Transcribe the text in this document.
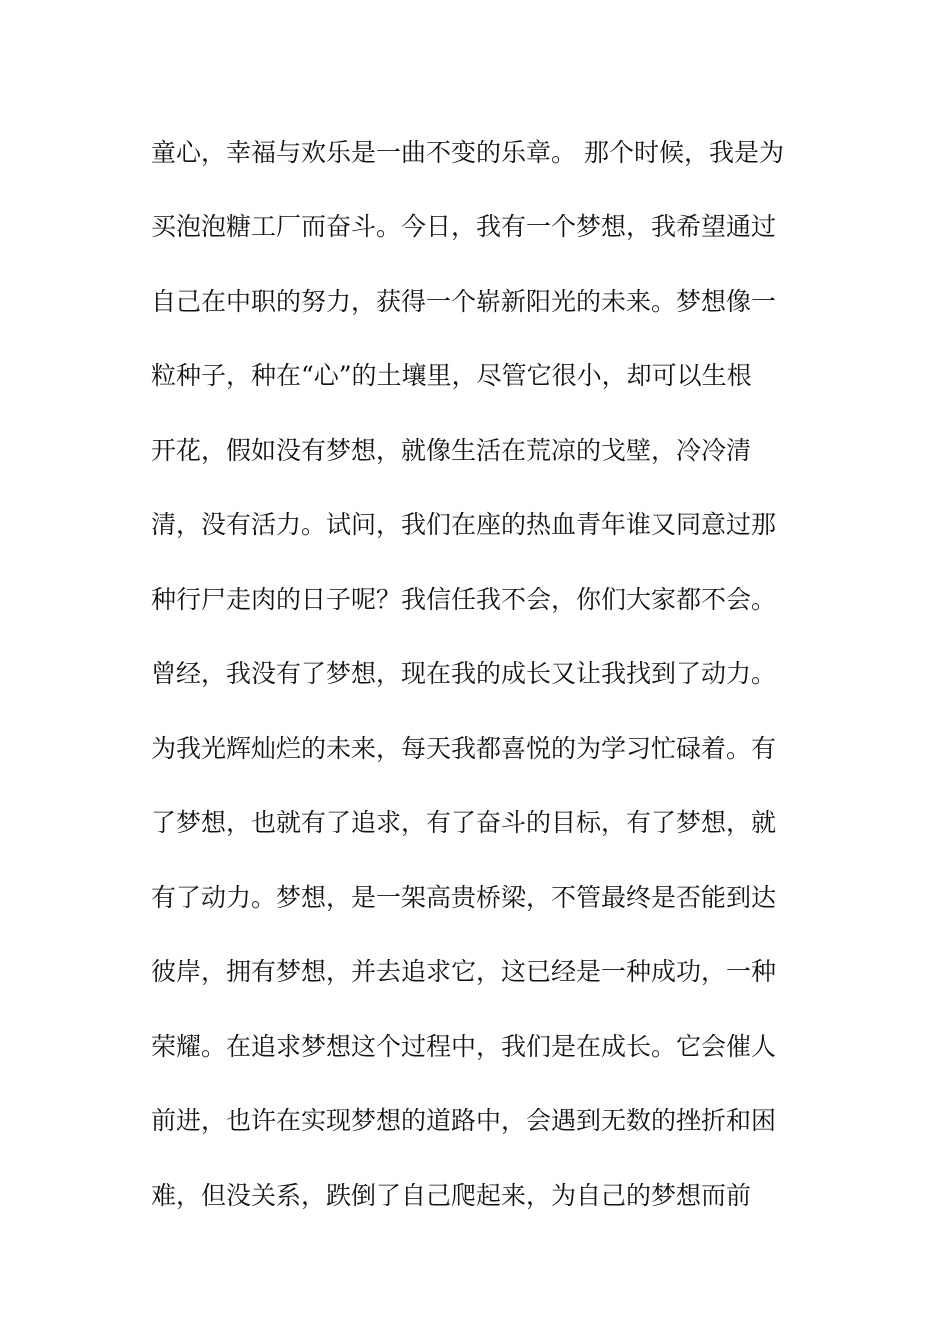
童心，幸福与欢乐是一曲不变的乐章。 那个时候，我是为
买泡泡糖工厂而奋斗。今日，我有一个梦想，我希望通过
自己在中职的努力，获得一个崭新阳光的未来。梦想像一
粒种子，种在“心”的土壤里，尽管它很小，却可以生根
开花，假如没有梦想，就像生活在荒凉的戈壁，冷冷清
清，没有活力。试问，我们在座的热血青年谁又同意过那
种行尸走肉的日子呢？我信任我不会，你们大家都不会。
曾经，我没有了梦想，现在我的成长又让我找到了动力。
为我光辉灿烂的未来，每天我都喜悦的为学习忙碌着。有
了梦想，也就有了追求，有了奋斗的目标，有了梦想，就
有了动力。梦想，是一架高贵桥梁，不管最终是否能到达
彼岸，拥有梦想，并去追求它，这已经是一种成功，一种
荣耀。在追求梦想这个过程中，我们是在成长。它会催人
前进，也许在实现梦想的道路中，会遇到无数的挫折和困
难，但没关系，跌倒了自己爬起来，为自己的梦想而前
